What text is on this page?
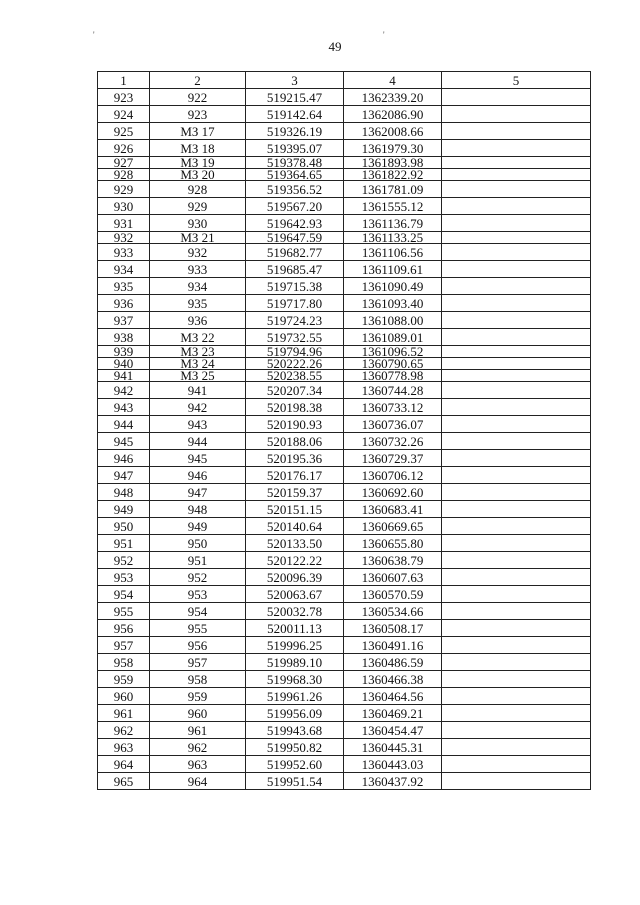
'	'
49
1	2	3	4	5
923	922	519215.47	1362339.20	
924	923	519142.64	1362086.90	
925	МЗ 17	519326.19	1362008.66	
926	МЗ 18	519395.07	1361979.30	
927	МЗ 19	519378.48	1361893.98	
928	МЗ 20	519364.65	1361822.92	
929	928	519356.52	1361781.09	
930	929	519567.20	1361555.12	
931	930	519642.93	1361136.79	
932	МЗ 21	519647.59	1361133.25	
933	932	519682.77	1361106.56	
934	933	519685.47	1361109.61	
935	934	519715.38	1361090.49	
936	935	519717.80	1361093.40	
937	936	519724.23	1361088.00	
938	МЗ 22	519732.55	1361089.01	
939	МЗ 23	519794.96	1361096.52	
940	МЗ 24	520222.26	1360790.65	
941	МЗ 25	520238.55	1360778.98	
942	941	520207.34	1360744.28	
943	942	520198.38	1360733.12	
944	943	520190.93	1360736.07	
945	944	520188.06	1360732.26	
946	945	520195.36	1360729.37	
947	946	520176.17	1360706.12	
948	947	520159.37	1360692.60	
949	948	520151.15	1360683.41	
950	949	520140.64	1360669.65	
951	950	520133.50	1360655.80	
952	951	520122.22	1360638.79	
953	952	520096.39	1360607.63	
954	953	520063.67	1360570.59	
955	954	520032.78	1360534.66	
956	955	520011.13	1360508.17	
957	956	519996.25	1360491.16	
958	957	519989.10	1360486.59	
959	958	519968.30	1360466.38	
960	959	519961.26	1360464.56	
961	960	519956.09	1360469.21	
962	961	519943.68	1360454.47	
963	962	519950.82	1360445.31	
964	963	519952.60	1360443.03	
965	964	519951.54	1360437.92	
